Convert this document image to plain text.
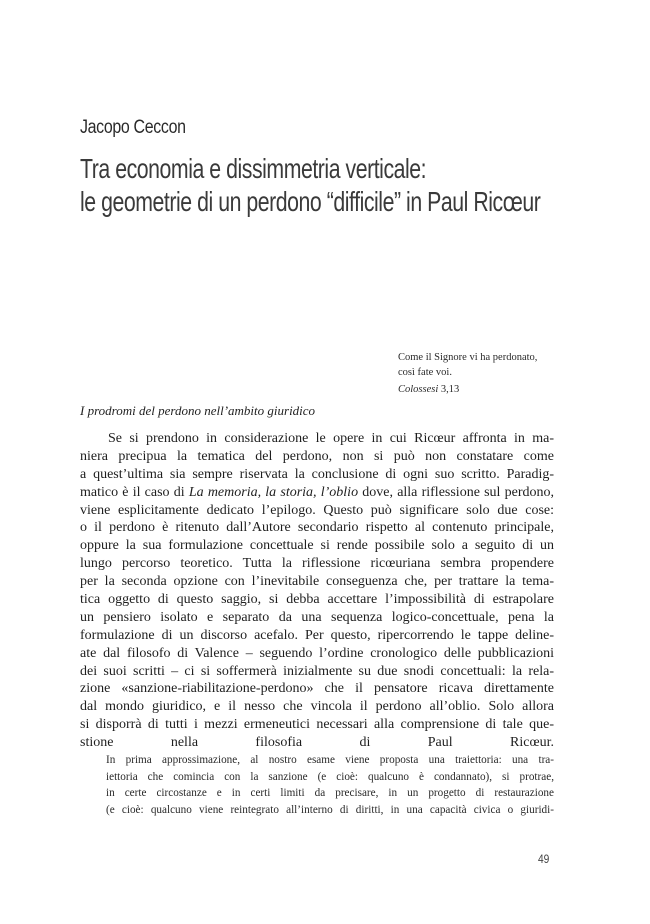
Jacopo Ceccon
Tra economia e dissimmetria verticale:
le geometrie di un perdono “difficile” in Paul Ricœur
Come il Signore vi ha perdonato,
così fate voi.
Colossesi 3,13
I prodromi del perdono nell’ambito giuridico
Se si prendono in considerazione le opere in cui Ricœur affronta in ma-
niera precipua la tematica del perdono, non si può non constatare come
a quest’ultima sia sempre riservata la conclusione di ogni suo scritto. Paradig-
matico è il caso di La memoria, la storia, l’oblio dove, alla riflessione sul perdono,
viene esplicitamente dedicato l’epilogo. Questo può significare solo due cose:
o il perdono è ritenuto dall’Autore secondario rispetto al contenuto principale,
oppure la sua formulazione concettuale si rende possibile solo a seguito di un
lungo percorso teoretico. Tutta la riflessione ricœuriana sembra propendere
per la seconda opzione con l’inevitabile conseguenza che, per trattare la tema-
tica oggetto di questo saggio, si debba accettare l’impossibilità di estrapolare
un pensiero isolato e separato da una sequenza logico-concettuale, pena la
formulazione di un discorso acefalo. Per questo, ripercorrendo le tappe deline-
ate dal filosofo di Valence – seguendo l’ordine cronologico delle pubblicazioni
dei suoi scritti – ci si soffermerà inizialmente su due snodi concettuali: la rela-
zione «sanzione-riabilitazione-perdono» che il pensatore ricava direttamente
dal mondo giuridico, e il nesso che vincola il perdono all’oblio. Solo allora
si disporrà di tutti i mezzi ermeneutici necessari alla comprensione di tale que-
stione nella filosofia di Paul Ricœur.
In prima approssimazione, al nostro esame viene proposta una traiettoria: una tra-
iettoria che comincia con la sanzione (e cioè: qualcuno è condannato), si protrae,
in certe circostanze e in certi limiti da precisare, in un progetto di restaurazione
(e cioè: qualcuno viene reintegrato all’interno di diritti, in una capacità civica o giuridi-
49
